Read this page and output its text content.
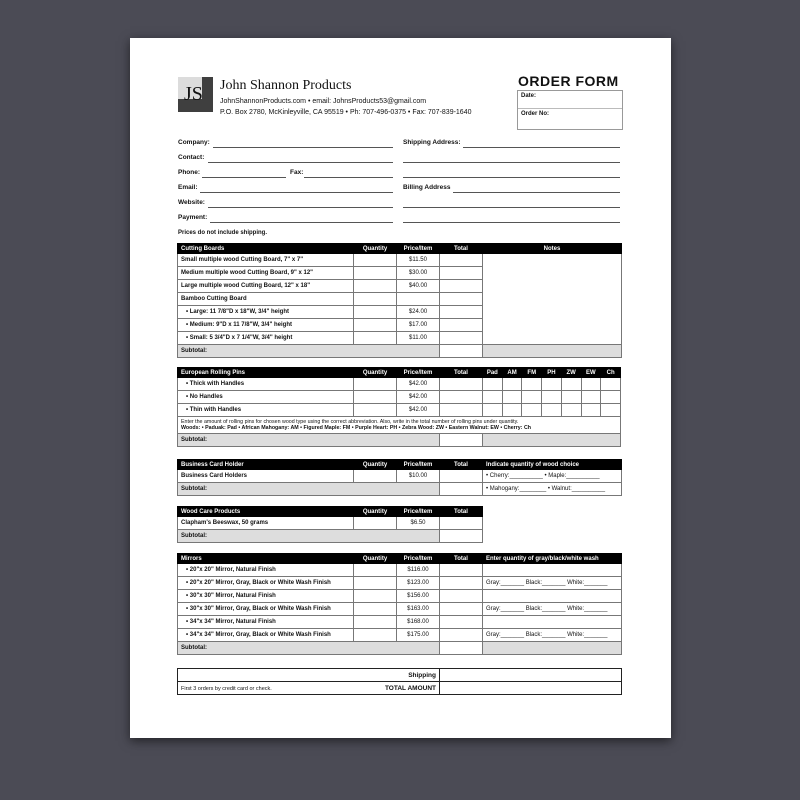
JS John Shannon Products
JohnShannonProducts.com • email: JohnsProducts53@gmail.com
P.O. Box 2780, McKinleyville, CA 95519 • Ph: 707-496-0375 • Fax: 707-839-1640
ORDER FORM
Date:
Order No:
Company:
Contact:
Phone:	Fax:
Email:
Website:
Payment:
Shipping Address:
Billing Address
Prices do not include shipping.
Cutting Boards	Quantity	Price/Item	Total	Notes
Small multiple wood Cutting Board, 7" x 7"		$11.50		
Medium multiple wood Cutting Board, 9" x 12"		$30.00		
Large multiple wood Cutting Board, 12" x 18"		$40.00		
Bamboo Cutting Board				
• Large: 11 7/8"D x 18"W, 3/4" height		$24.00		
• Medium: 9"D x 11 7/8"W, 3/4" height		$17.00		
• Small: 5 3/4"D x 7 1/4"W, 3/4" height		$11.00		
Subtotal:				
European Rolling Pins	Quantity	Price/Item	Total	Pad	AM	FM	PH	ZW	EW	Ch
• Thick with Handles		$42.00								
• No Handles		$42.00								
• Thin with Handles		$42.00								
Enter the amount of rolling pins for chosen wood type using the correct abbreviation. Also, write in the total number of rolling pins under quantity.
Woods: • Paduak: Pad • African Mahogany: AM • Figured Maple: FM • Purple Heart: PH • Zebra Wood: ZW • Eastern Walnut: EW • Cherry: Ch										
Subtotal:										
Business Card Holder	Quantity	Price/Item	Total	Indicate quantity of wood choice
Business Card Holders		$10.00		• Cherry:__________ • Maple:__________
Subtotal:				• Mahogany:________ • Walnut:__________
Wood Care Products	Quantity	Price/Item	Total
Clapham's Beeswax, 50 grams		$6.50	
Subtotal:			
Mirrors	Quantity	Price/Item	Total	Enter quantity of gray/black/white wash
• 20"x 20" Mirror, Natural Finish		$116.00		
• 20"x 20" Mirror, Gray, Black or White Wash Finish		$123.00		Gray:_______ Black:_______ White:_______
• 30"x 30" Mirror, Natural Finish		$156.00		
• 30"x 30" Mirror, Gray, Black or White Wash Finish		$163.00		Gray:_______ Black:_______ White:_______
• 34"x 34" Mirror, Natural Finish		$168.00		
• 34"x 34" Mirror, Gray, Black or White Wash Finish		$175.00		Gray:_______ Black:_______ White:_______
Subtotal:				
Shipping	
First 3 orders by credit card or check. TOTAL AMOUNT	
